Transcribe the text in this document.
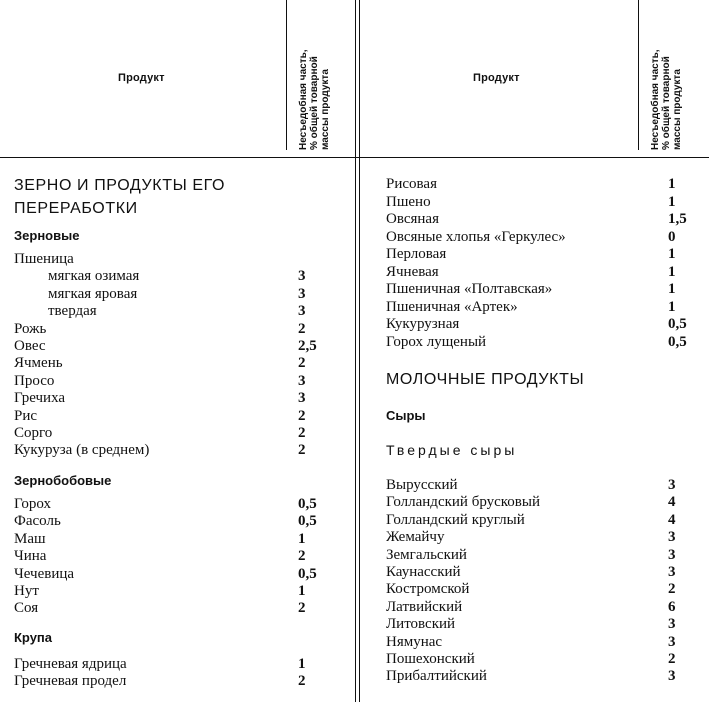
Продукт	Несъедобная часть, % общей товарной массы продукта	Продукт	Несъедобная часть, % общей товарной массы продукта
ЗЕРНО И ПРОДУКТЫ ЕГО
ПЕРЕРАБОТКИ
МОЛОЧНЫЕ ПРОДУКТЫ
Сыры
Твердые сыры
Зерновые
Пшеница
мягкая озимая	3
мягкая яровая	3
твердая	3
Рожь	2
Овес	2,5
Ячмень	2
Просо	3
Гречиха	3
Рис	2
Сорго	2
Кукуруза (в среднем)	2
Зернобобовые
Горох	0,5
Фасоль	0,5
Маш	1
Чина	2
Чечевица	0,5
Нут	1
Соя	2
Крупа
Гречневая ядрица	1
Гречневая продел	2
Рисовая	1
Пшено	1
Овсяная	1,5
Овсяные хлопья «Геркулес»	0
Перловая	1
Ячневая	1
Пшеничная «Полтавская»	1
Пшеничная «Артек»	1
Кукурузная	0,5
Горох лущеный	0,5
Вырусский	3
Голландский брусковый	4
Голландский круглый	4
Жемайчу	3
Земгальский	3
Каунасский	3
Костромской	2
Латвийский	6
Литовский	3
Нямунас	3
Пошехонский	2
Прибалтийский	3
